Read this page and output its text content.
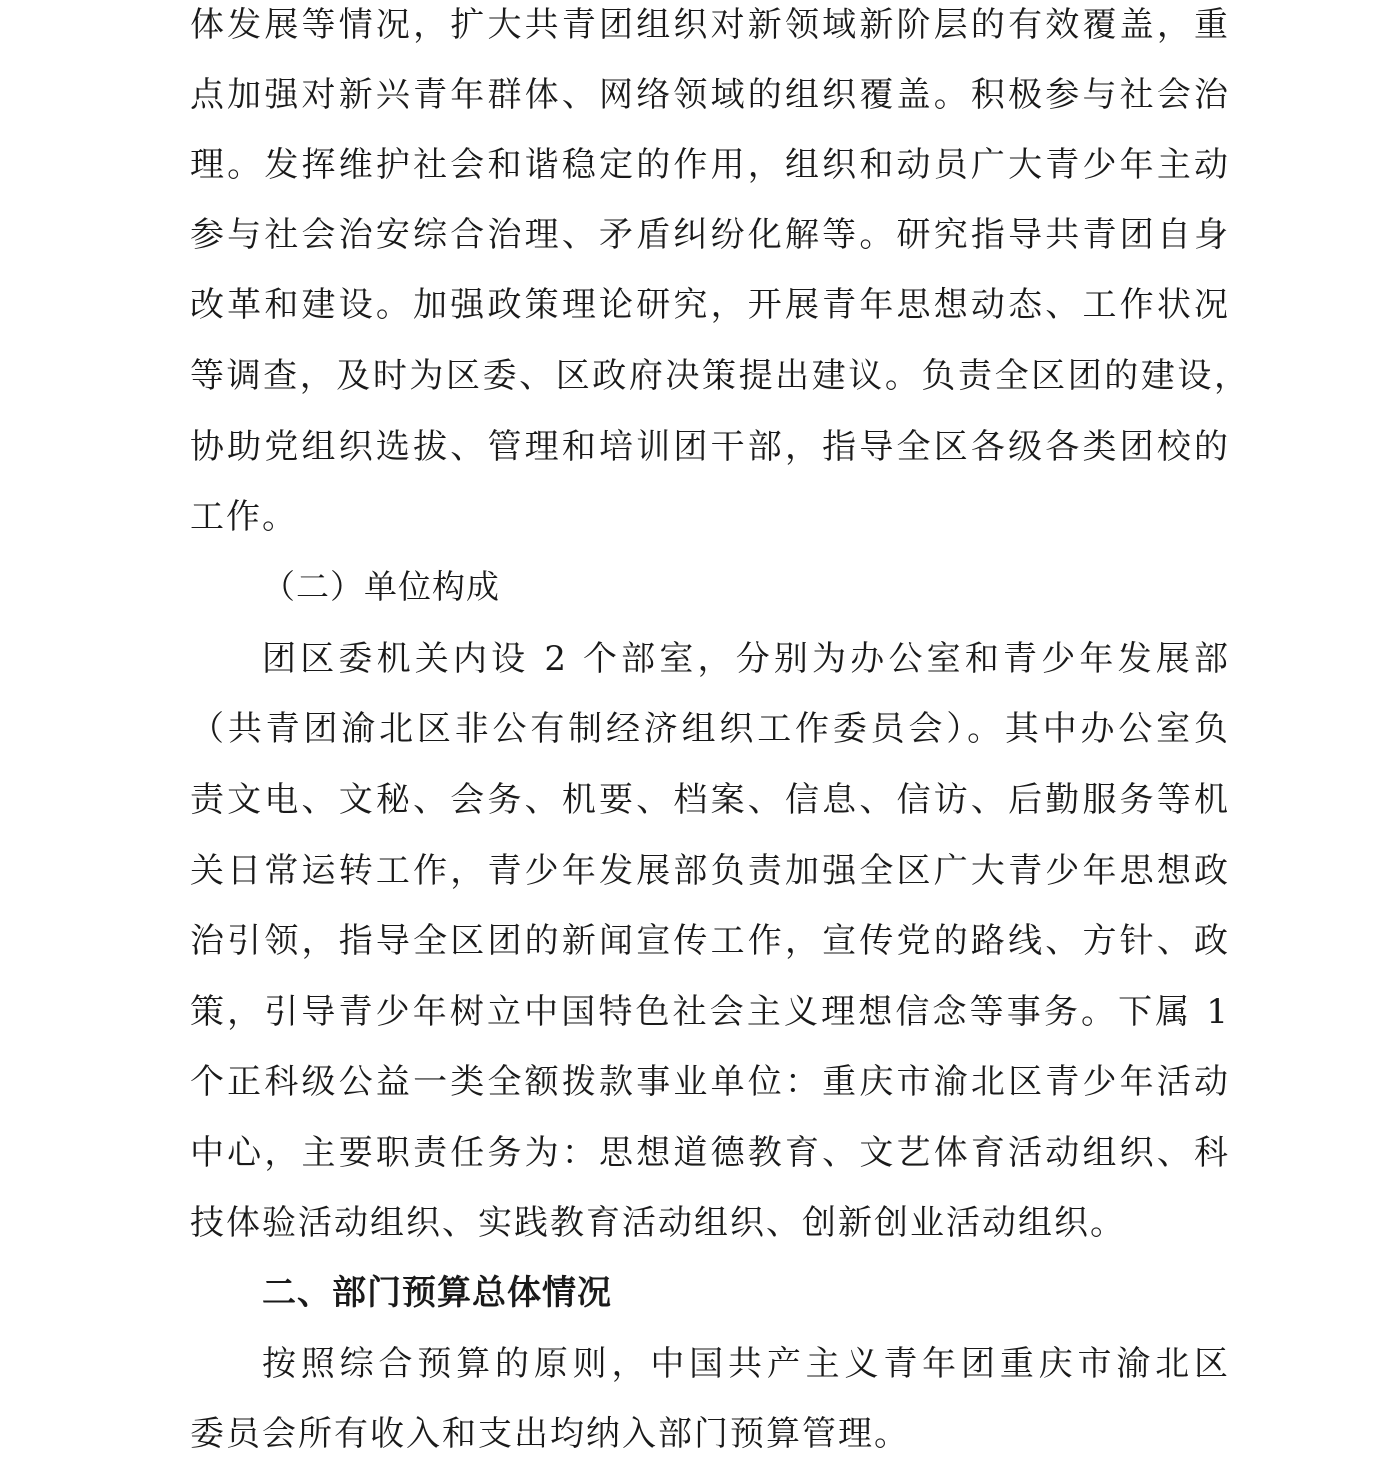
体发展等情况，扩大共青团组织对新领域新阶层的有效覆盖，重
点加强对新兴青年群体、网络领域的组织覆盖。积极参与社会治
理。发挥维护社会和谐稳定的作用，组织和动员广大青少年主动
参与社会治安综合治理、矛盾纠纷化解等。研究指导共青团自身
改革和建设。加强政策理论研究，开展青年思想动态、工作状况
等调查，及时为区委、区政府决策提出建议。负责全区团的建设，
协助党组织选拔、管理和培训团干部，指导全区各级各类团校的
工作。
（二）单位构成
团区委机关内设 2 个部室，分别为办公室和青少年发展部
（共青团渝北区非公有制经济组织工作委员会）。其中办公室负
责文电、文秘、会务、机要、档案、信息、信访、后勤服务等机
关日常运转工作，青少年发展部负责加强全区广大青少年思想政
治引领，指导全区团的新闻宣传工作，宣传党的路线、方针、政
策，引导青少年树立中国特色社会主义理想信念等事务。下属 1
个正科级公益一类全额拨款事业单位：重庆市渝北区青少年活动
中心，主要职责任务为：思想道德教育、文艺体育活动组织、科
技体验活动组织、实践教育活动组织、创新创业活动组织。
二、部门预算总体情况
按照综合预算的原则，中国共产主义青年团重庆市渝北区
委员会所有收入和支出均纳入部门预算管理。
